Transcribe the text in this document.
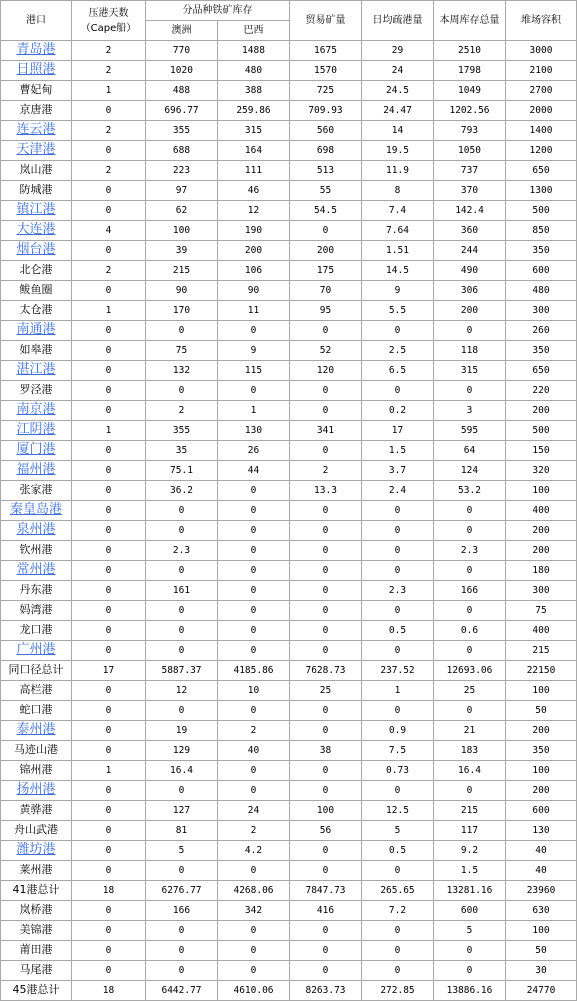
港口	压港天数（Cape船）	分品种铁矿库存		贸易矿量	日均疏港量	本周库存总量	堆场容积
		澳洲	巴西				
青岛港	2	770	1488	1675	29	2510	3000
日照港	2	1020	480	1570	24	1798	2100
曹妃甸	1	488	388	725	24.5	1049	2700
京唐港	0	696.77	259.86	709.93	24.47	1202.56	2000
连云港	2	355	315	560	14	793	1400
天津港	0	688	164	698	19.5	1050	1200
岚山港	2	223	111	513	11.9	737	650
防城港	0	97	46	55	8	370	1300
镇江港	0	62	12	54.5	7.4	142.4	500
大连港	4	100	190	0	7.64	360	850
烟台港	0	39	200	200	1.51	244	350
北仑港	2	215	106	175	14.5	490	600
鲅鱼圈	0	90	90	70	9	306	480
太仓港	1	170	11	95	5.5	200	300
南通港	0	0	0	0	0	0	260
如皋港	0	75	9	52	2.5	118	350
湛江港	0	132	115	120	6.5	315	650
罗泾港	0	0	0	0	0	0	220
南京港	0	2	1	0	0.2	3	200
江阴港	1	355	130	341	17	595	500
厦门港	0	35	26	0	1.5	64	150
福州港	0	75.1	44	2	3.7	124	320
张家港	0	36.2	0	13.3	2.4	53.2	100
秦皇岛港	0	0	0	0	0	0	400
泉州港	0	0	0	0	0	0	200
钦州港	0	2.3	0	0	0	2.3	200
常州港	0	0	0	0	0	0	180
丹东港	0	161	0	0	2.3	166	300
妈湾港	0	0	0	0	0	0	75
龙口港	0	0	0	0	0.5	0.6	400
广州港	0	0	0	0	0	0	215
同口径总计	17	5887.37	4185.86	7628.73	237.52	12693.06	22150
高栏港	0	12	10	25	1	25	100
蛇口港	0	0	0	0	0	0	50
泰州港	0	19	2	0	0.9	21	200
马迹山港	0	129	40	38	7.5	183	350
锦州港	1	16.4	0	0	0.73	16.4	100
扬州港	0	0	0	0	0	0	200
黄骅港	0	127	24	100	12.5	215	600
舟山武港	0	81	2	56	5	117	130
潍坊港	0	5	4.2	0	0.5	9.2	40
莱州港	0	0	0	0	0	1.5	40
41港总计	18	6276.77	4268.06	7847.73	265.65	13281.16	23960
岚桥港	0	166	342	416	7.2	600	630
美锦港	0	0	0	0	0	5	100
莆田港	0	0	0	0	0	0	50
马尾港	0	0	0	0	0	0	30
45港总计	18	6442.77	4610.06	8263.73	272.85	13886.16	24770
